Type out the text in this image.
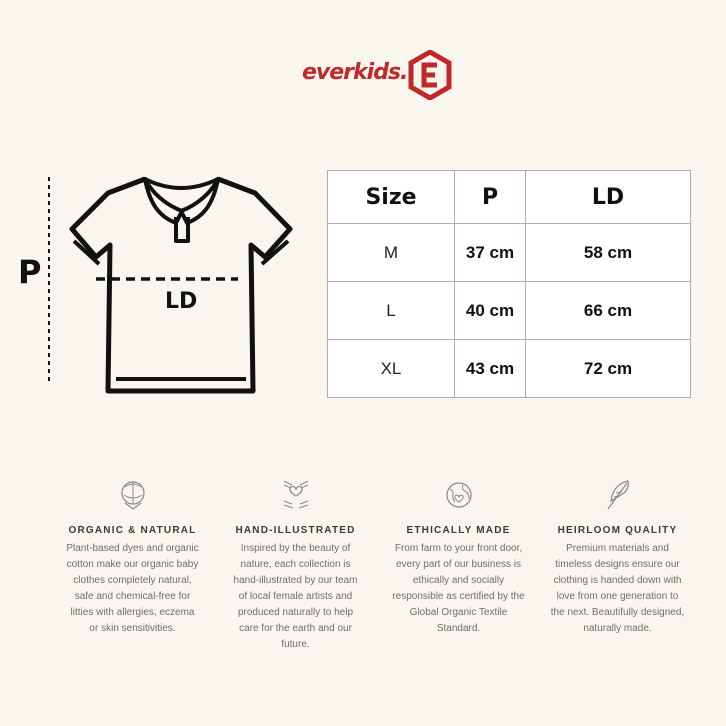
everkids.
P
LD
Size	P	LD
M	37 cm	58 cm
L	40 cm	66 cm
XL	43 cm	72 cm
ORGANIC & NATURAL
Plant-based dyes and organic
cotton make our organic baby
clothes completely natural,
safe and chemical-free for
litties with allergies, eczema
or skin sensitivities.
HAND-ILLUSTRATED
Inspired by the beauty of
nature, each collection is
hand-illustrated by our team
of local female artists and
produced naturally to help
care for the earth and our
future.
ETHICALLY MADE
From farm to your front door,
every part of our business is
ethically and socially
responsible as certified by the
Global Organic Textile
Standard.
HEIRLOOM QUALITY
Premium materials and
timeless designs ensure our
clothing is handed down with
love from one generation to
the next. Beautifully designed,
naturally made.
